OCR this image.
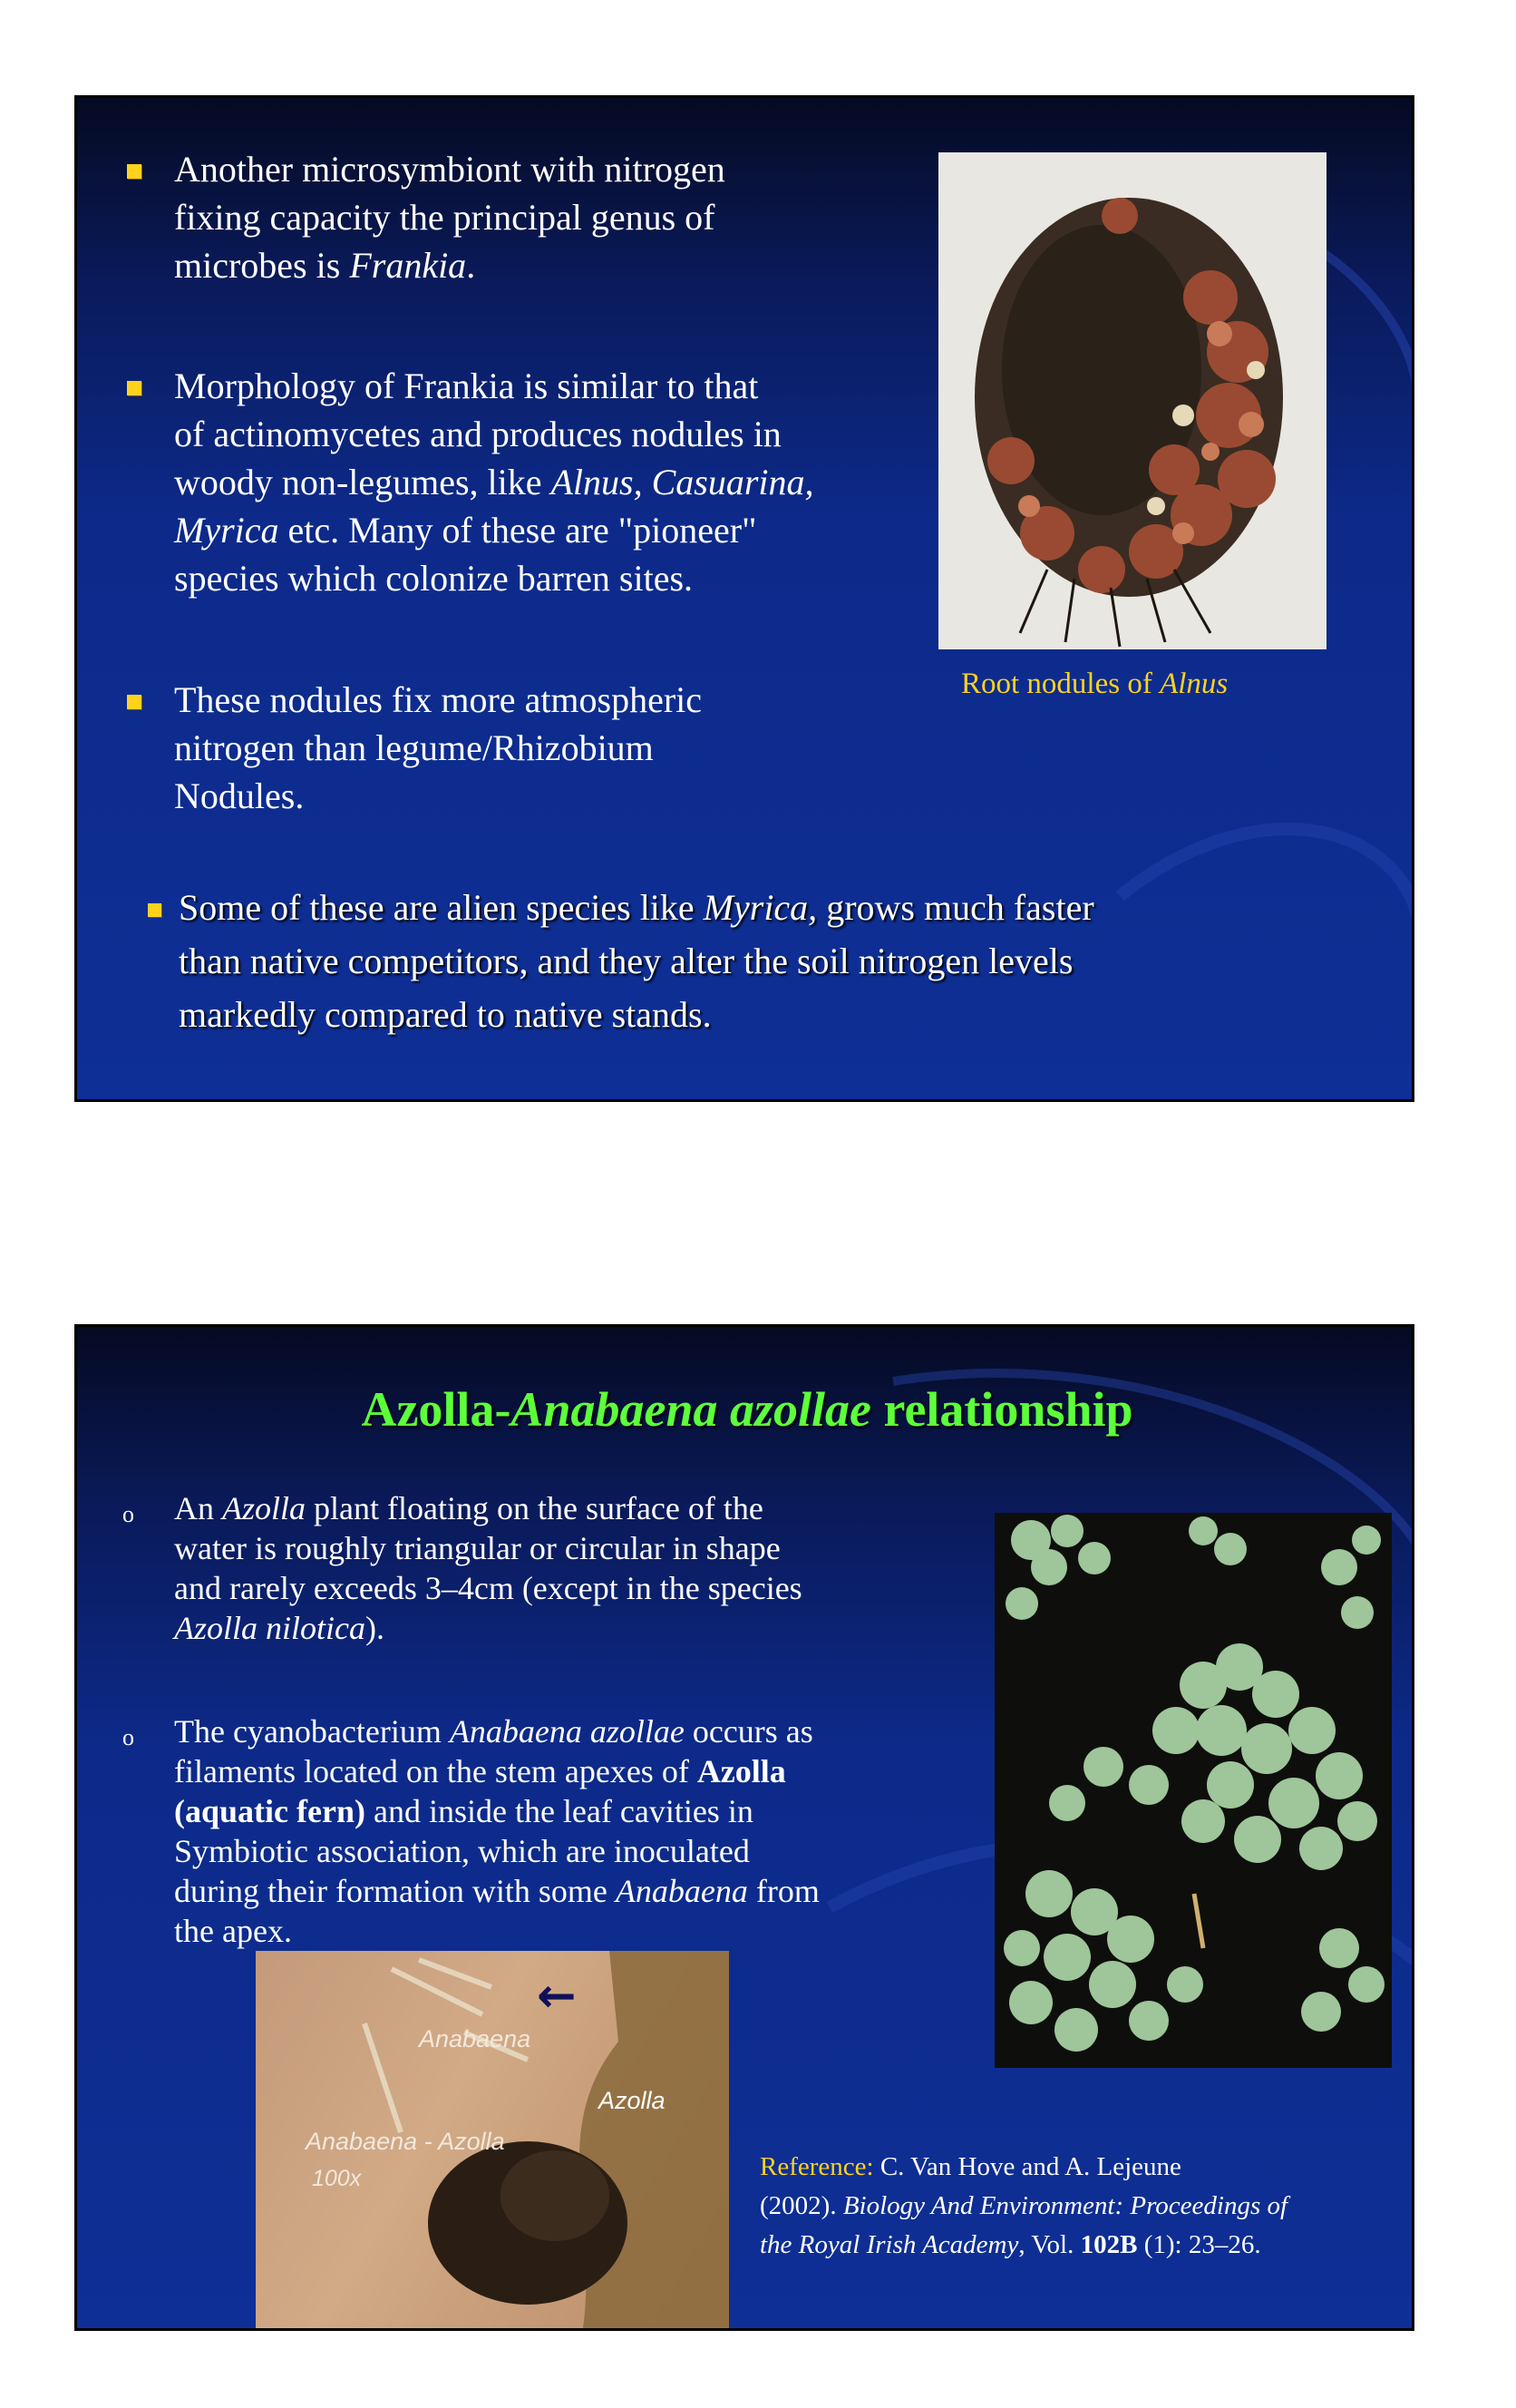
Another microsymbiont with nitrogen
fixing capacity the principal genus of
microbes is Frankia.
Morphology of Frankia is similar to that
of actinomycetes and produces nodules in
woody non-legumes, like Alnus, Casuarina,
Myrica etc. Many of these are "pioneer"
species which colonize barren sites.
These nodules fix more atmospheric
nitrogen than legume/Rhizobium
Nodules.
Some of these are alien species like Myrica, grows much faster
than native competitors, and they alter the soil nitrogen levels
markedly compared to native stands.
Root nodules of Alnus
Azolla-Anabaena azollae relationship
o An Azolla plant floating on the surface of the
water is roughly triangular or circular in shape
and rarely exceeds 3–4cm (except in the species
Azolla nilotica).
o The cyanobacterium Anabaena azollae occurs as
filaments located on the stem apexes of Azolla
(aquatic fern) and inside the leaf cavities in
Symbiotic association, which are inoculated
during their formation with some Anabaena from
the apex.
←
Anabaena
Azolla
Anabaena - Azolla
100x	Reference: C. Van Hove and A. Lejeune
(2002). Biology And Environment: Proceedings of
the Royal Irish Academy, Vol. 102B (1): 23–26.
